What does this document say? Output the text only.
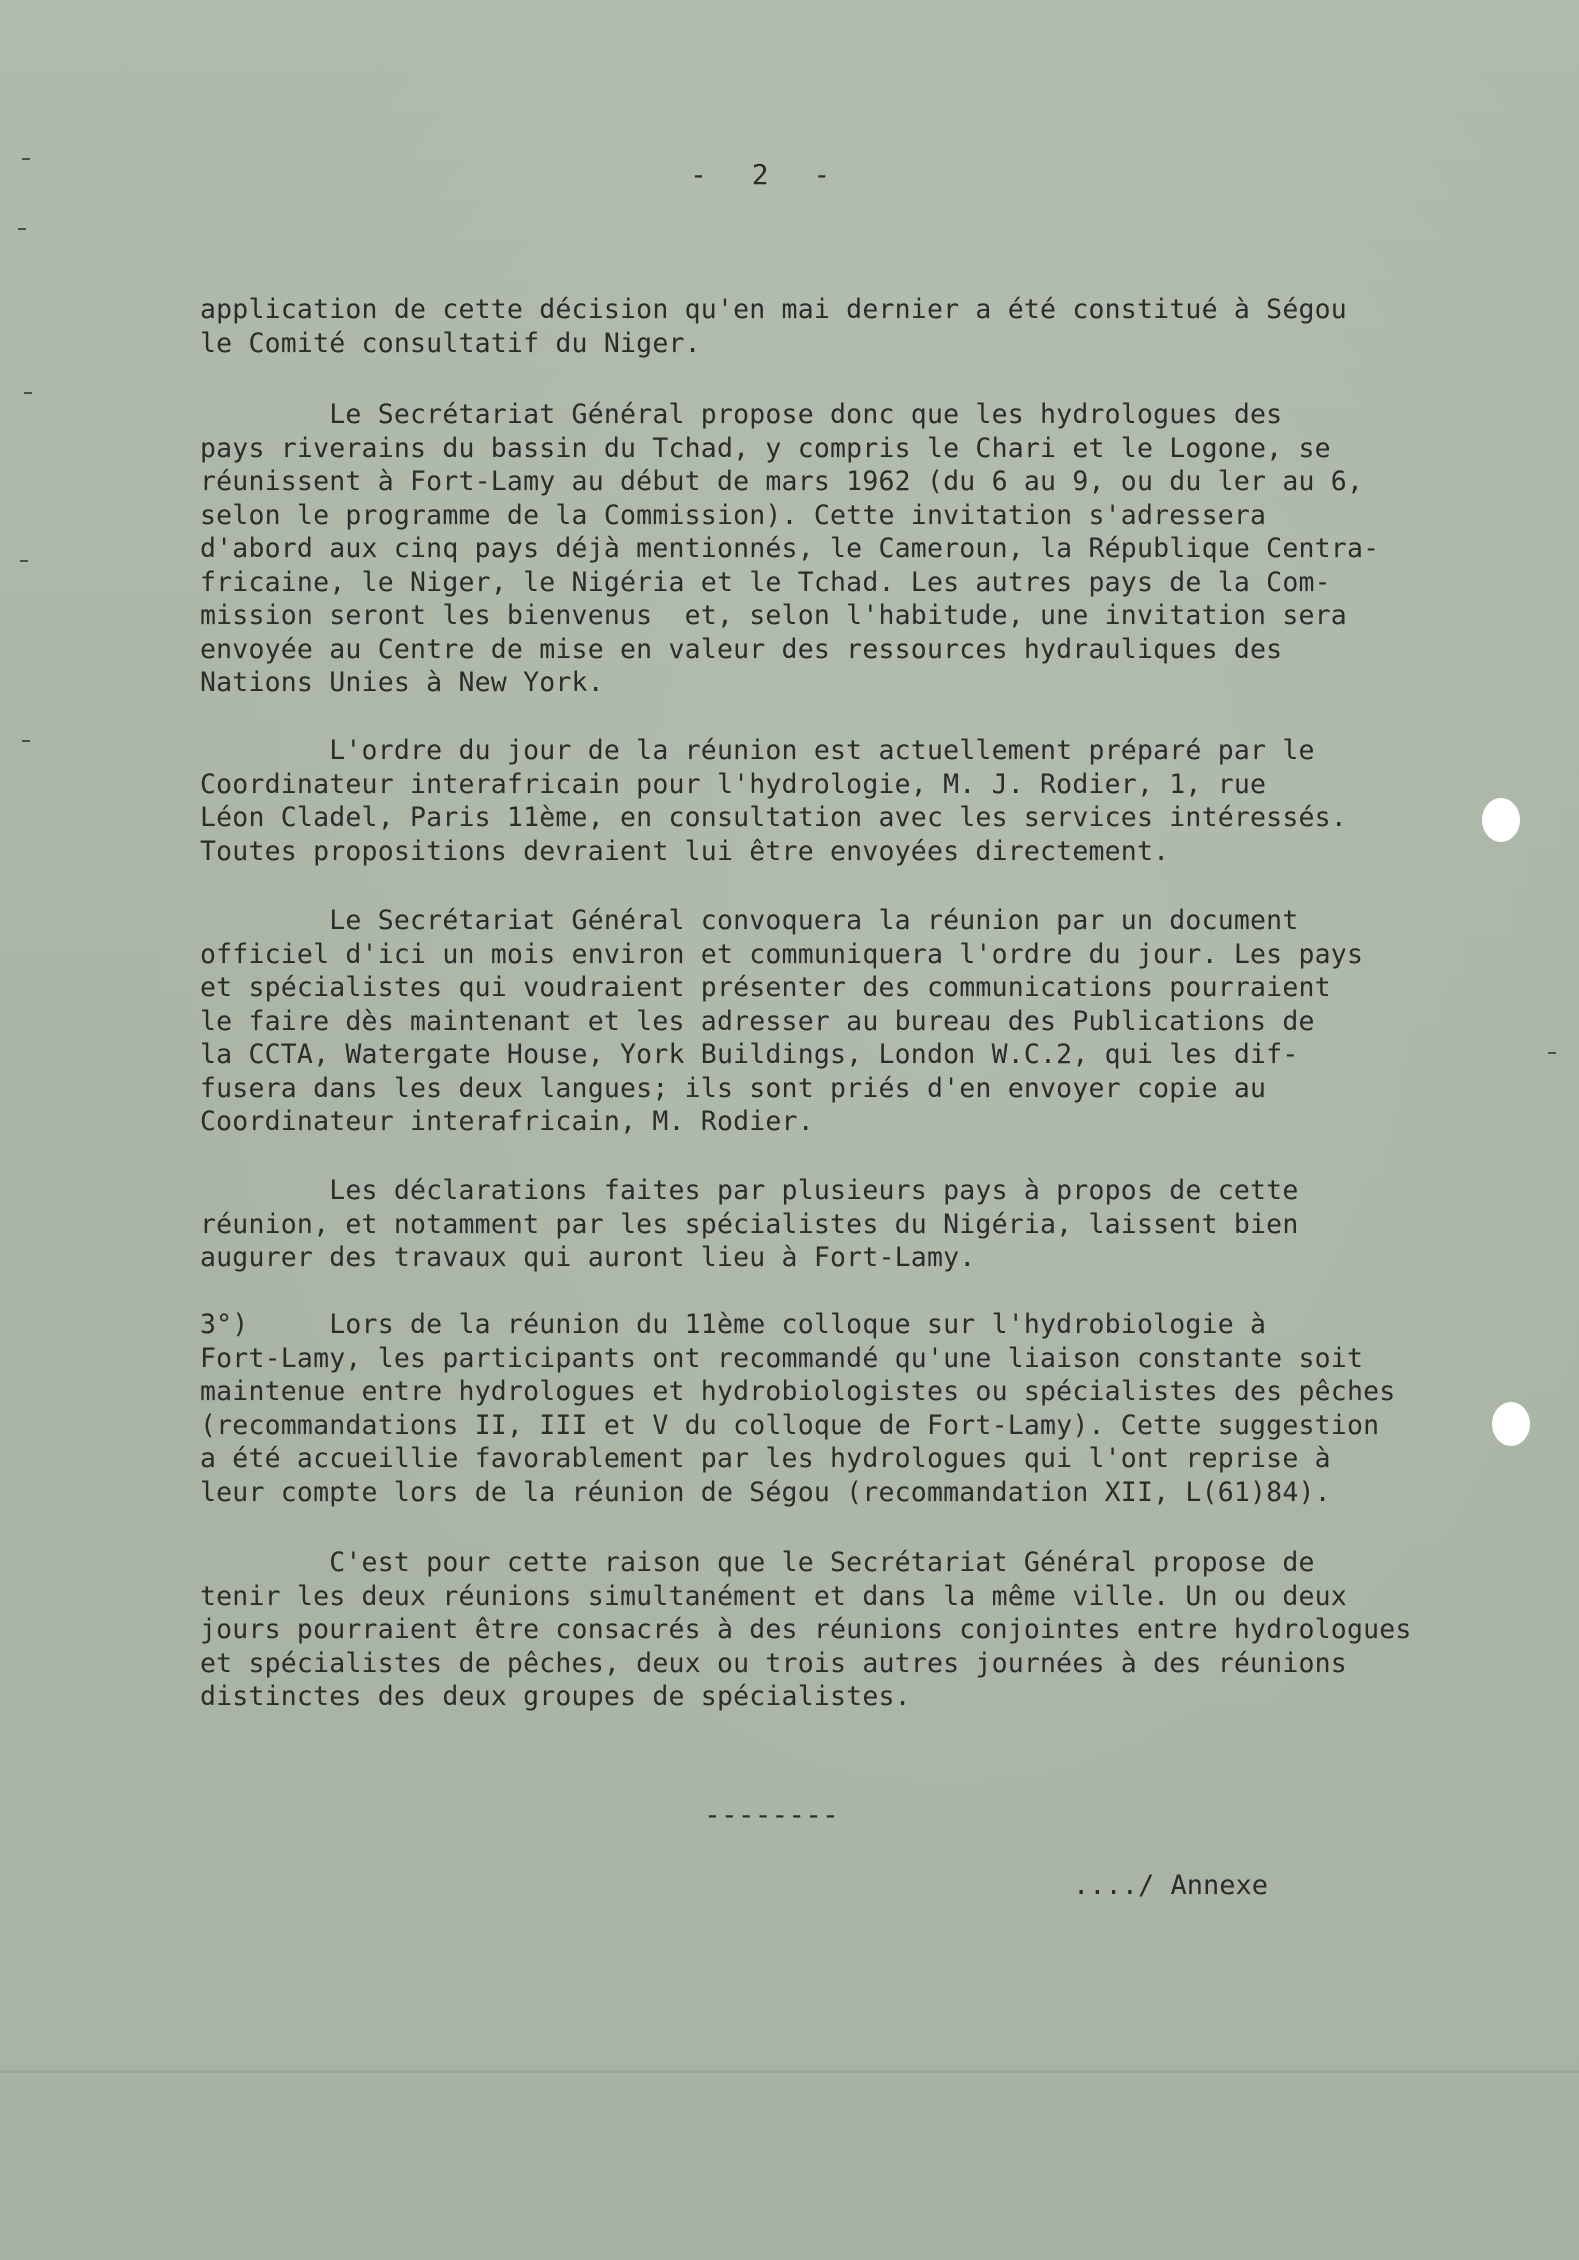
- 2 -
application de cette décision qu'en mai dernier a été constitué à Ségou
le Comité consultatif du Niger.
Le Secrétariat Général propose donc que les hydrologues des
pays riverains du bassin du Tchad, y compris le Chari et le Logone, se
réunissent à Fort-Lamy au début de mars 1962 (du 6 au 9, ou du ler au 6,
selon le programme de la Commission). Cette invitation s'adressera
d'abord aux cinq pays déjà mentionnés, le Cameroun, la République Centra-
fricaine, le Niger, le Nigéria et le Tchad. Les autres pays de la Com-
mission seront les bienvenus  et, selon l'habitude, une invitation sera
envoyée au Centre de mise en valeur des ressources hydrauliques des
Nations Unies à New York.
L'ordre du jour de la réunion est actuellement préparé par le
Coordinateur interafricain pour l'hydrologie, M. J. Rodier, 1, rue
Léon Cladel, Paris 11ème, en consultation avec les services intéressés.
Toutes propositions devraient lui être envoyées directement.
Le Secrétariat Général convoquera la réunion par un document
officiel d'ici un mois environ et communiquera l'ordre du jour. Les pays
et spécialistes qui voudraient présenter des communications pourraient
le faire dès maintenant et les adresser au bureau des Publications de
la CCTA, Watergate House, York Buildings, London W.C.2, qui les dif-
fusera dans les deux langues; ils sont priés d'en envoyer copie au
Coordinateur interafricain, M. Rodier.
Les déclarations faites par plusieurs pays à propos de cette
réunion, et notamment par les spécialistes du Nigéria, laissent bien
augurer des travaux qui auront lieu à Fort-Lamy.
3°)     Lors de la réunion du 11ème colloque sur l'hydrobiologie à
Fort-Lamy, les participants ont recommandé qu'une liaison constante soit
maintenue entre hydrologues et hydrobiologistes ou spécialistes des pêches
(recommandations II, III et V du colloque de Fort-Lamy). Cette suggestion
a été accueillie favorablement par les hydrologues qui l'ont reprise à
leur compte lors de la réunion de Ségou (recommandation XII, L(61)84).
C'est pour cette raison que le Secrétariat Général propose de
tenir les deux réunions simultanément et dans la même ville. Un ou deux
jours pourraient être consacrés à des réunions conjointes entre hydrologues
et spécialistes de pêches, deux ou trois autres journées à des réunions
distinctes des deux groupes de spécialistes.
--------
..../ Annexe
